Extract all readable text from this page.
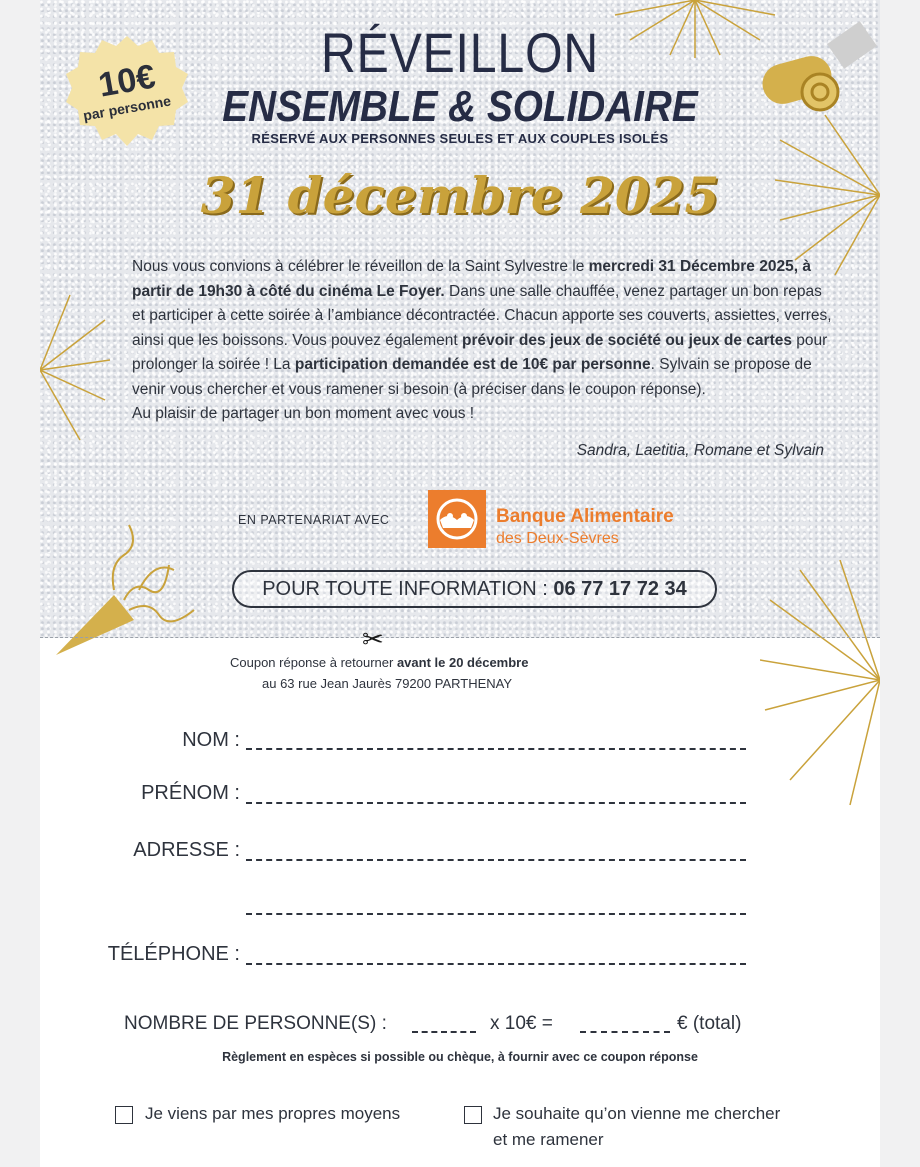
10€
par personne
RÉVEILLON
ENSEMBLE & SOLIDAIRE
RÉSERVÉ AUX PERSONNES SEULES ET AUX COUPLES ISOLÉS
31 décembre 2025
Nous vous convions à célébrer le réveillon de la Saint Sylvestre le mercredi 31 Décembre 2025, à partir de 19h30 à côté du cinéma Le Foyer. Dans une salle chauffée, venez partager un bon repas et participer à cette soirée à l’ambiance décontractée. Chacun apporte ses couverts, assiettes, verres, ainsi que les boissons. Vous pouvez également prévoir des jeux de société ou jeux de cartes pour prolonger la soirée ! La participation demandée est de 10€ par personne. Sylvain se propose de venir vous chercher et vous ramener si besoin (à préciser dans le coupon réponse).
Au plaisir de partager un bon moment avec vous !
Sandra, Laetitia, Romane et Sylvain
EN PARTENARIAT AVEC	Banque Alimentaire
des Deux-Sèvres
POUR TOUTE INFORMATION : 06 77 17 72 34
✂
Coupon réponse à retourner avant le 20 décembre
au 63 rue Jean Jaurès 79200 PARTHENAY
NOM :
PRÉNOM :
ADRESSE :
TÉLÉPHONE :
NOMBRE DE PERSONNE(S) :	x 10€ =	€ (total)
Règlement en espèces si possible ou chèque, à fournir avec ce coupon réponse
Je viens par mes propres moyens	Je souhaite qu’on vienne me chercher
et me ramener
